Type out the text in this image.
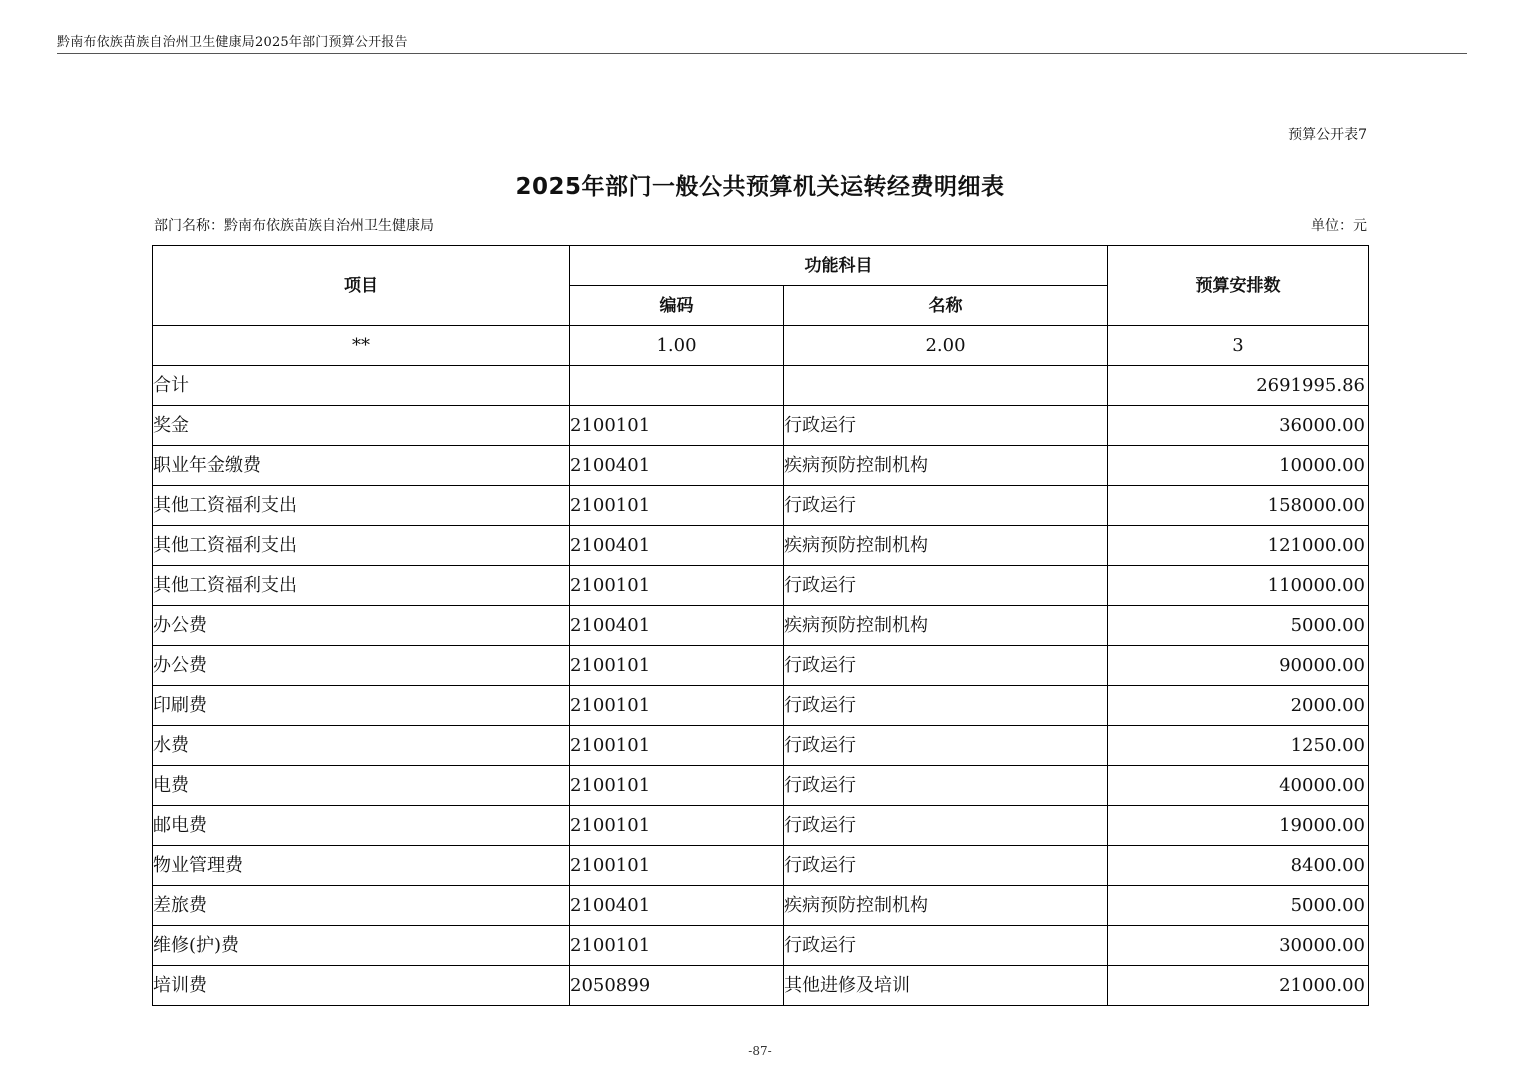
黔南布依族苗族自治州卫生健康局2025年部门预算公开报告
预算公开表7
2025年部门一般公共预算机关运转经费明细表
部门名称：黔南布依族苗族自治州卫生健康局	单位：元
项目	功能科目		预算安排数
	编码	名称	
**	1.00	2.00	3
合计			2691995.86
奖金	2100101	行政运行	36000.00
职业年金缴费	2100401	疾病预防控制机构	10000.00
其他工资福利支出	2100101	行政运行	158000.00
其他工资福利支出	2100401	疾病预防控制机构	121000.00
其他工资福利支出	2100101	行政运行	110000.00
办公费	2100401	疾病预防控制机构	5000.00
办公费	2100101	行政运行	90000.00
印刷费	2100101	行政运行	2000.00
水费	2100101	行政运行	1250.00
电费	2100101	行政运行	40000.00
邮电费	2100101	行政运行	19000.00
物业管理费	2100101	行政运行	8400.00
差旅费	2100401	疾病预防控制机构	5000.00
维修(护)费	2100101	行政运行	30000.00
培训费	2050899	其他进修及培训	21000.00
-87-
